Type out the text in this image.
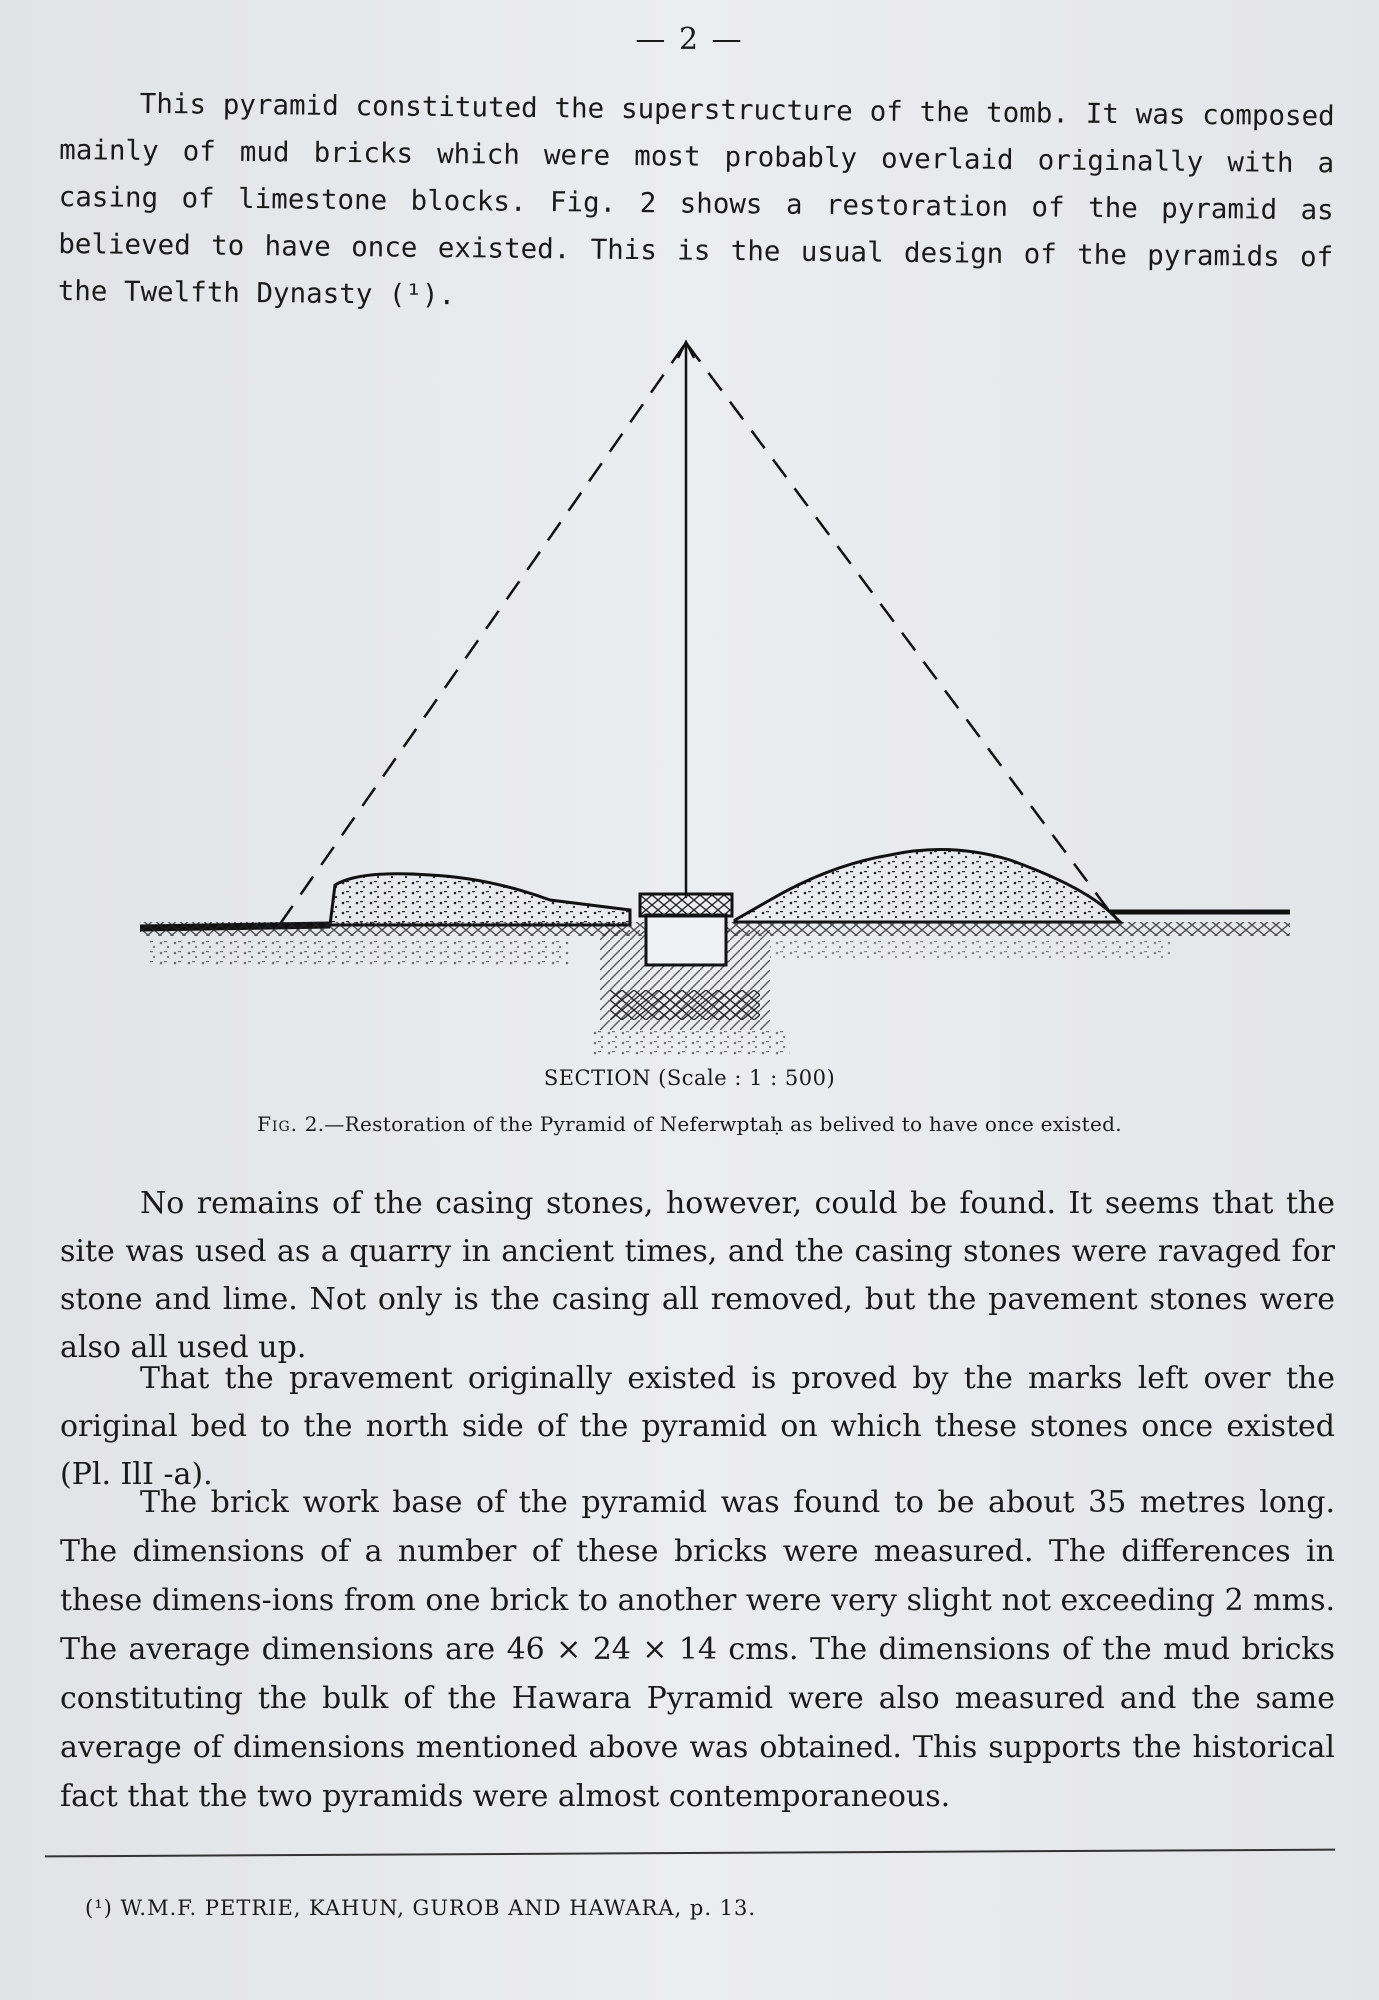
— 2 —

This pyramid constituted the superstructure of the tomb. It was composed mainly of mud bricks which were most probably overlaid originally with a casing of limestone blocks. Fig. 2 shows a restoration of the pyramid as believed to have once existed. This is the usual design of the pyramids of the Twelfth Dynasty (¹).

SECTION (Scale : 1 : 500)
Fig. 2.—Restoration of the Pyramid of Neferwptaḥ as belived to have once existed.

No remains of the casing stones, however, could be found. It seems that the site was used as a quarry in ancient times, and the casing stones were ravaged for stone and lime. Not only is the casing all removed, but the pavement stones were also all used up.

That the pravement originally existed is proved by the marks left over the original bed to the north side of the pyramid on which these stones once existed (Pl. IlI -a).

The brick work base of the pyramid was found to be about 35 metres long. The dimensions of a number of these bricks were measured. The differences in these dimens-ions from one brick to another were very slight not exceeding 2 mms. The average dimensions are 46 × 24 × 14 cms. The dimensions of the mud bricks constituting the bulk of the Hawara Pyramid were also measured and the same average of dimensions mentioned above was obtained. This supports the historical fact that the two pyramids were almost contemporaneous.

(¹) W.M.F. PETRIE, KAHUN, GUROB AND HAWARA, p. 13.
